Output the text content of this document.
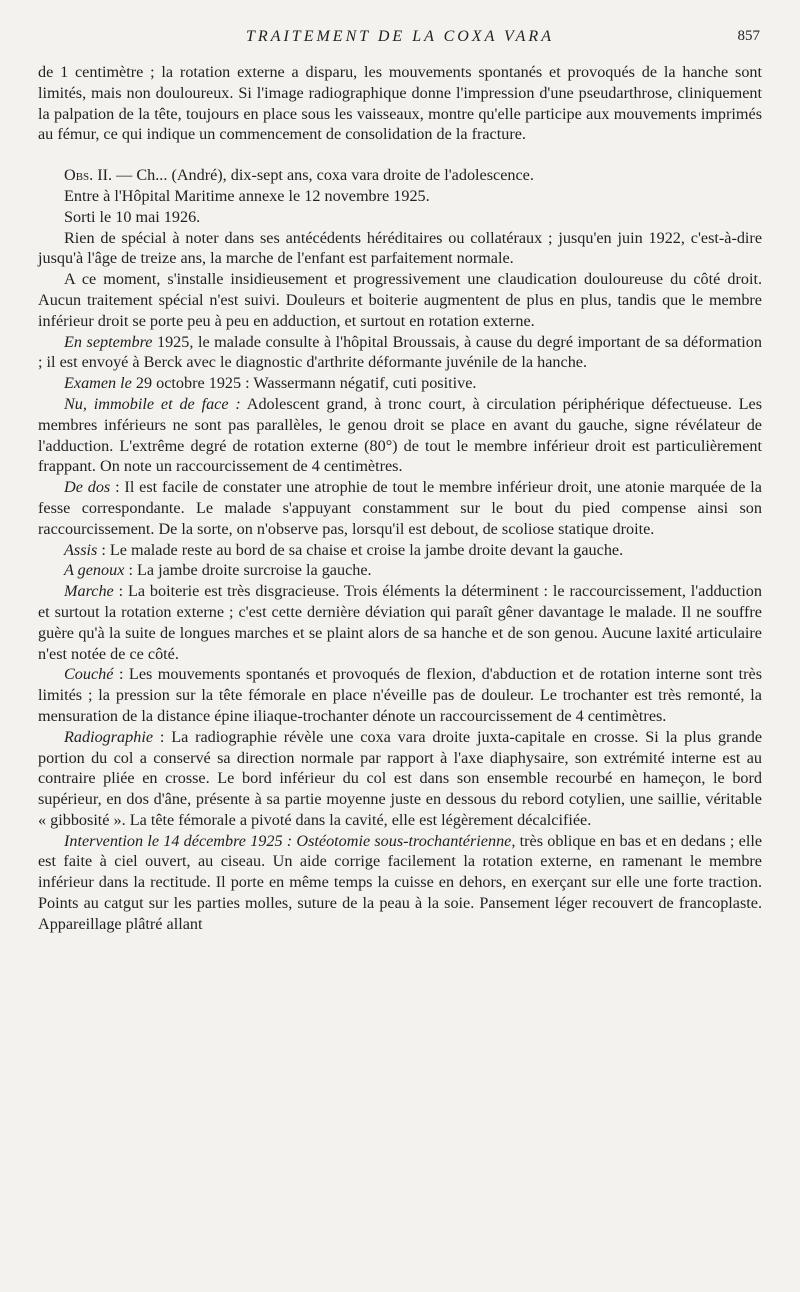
TRAITEMENT DE LA COXA VARA	857

de 1 centimètre ; la rotation externe a disparu, les mouvements spontanés et provoqués de la hanche sont limités, mais non douloureux. Si l'image radiographique donne l'impression d'une pseudarthrose, cliniquement la palpation de la tête, toujours en place sous les vaisseaux, montre qu'elle participe aux mouvements imprimés au fémur, ce qui indique un commencement de consolidation de la fracture.

Obs. II. — Ch... (André), dix-sept ans, coxa vara droite de l'adolescence.

Entre à l'Hôpital Maritime annexe le 12 novembre 1925.

Sorti le 10 mai 1926.

Rien de spécial à noter dans ses antécédents héréditaires ou collatéraux ; jusqu'en juin 1922, c'est-à-dire jusqu'à l'âge de treize ans, la marche de l'enfant est parfaitement normale.

A ce moment, s'installe insidieusement et progressivement une claudication douloureuse du côté droit. Aucun traitement spécial n'est suivi. Douleurs et boiterie augmentent de plus en plus, tandis que le membre inférieur droit se porte peu à peu en adduction, et surtout en rotation externe.

En septembre 1925, le malade consulte à l'hôpital Broussais, à cause du degré important de sa déformation ; il est envoyé à Berck avec le diagnostic d'arthrite déformante juvénile de la hanche.

Examen le 29 octobre 1925 : Wassermann négatif, cuti positive.

Nu, immobile et de face : Adolescent grand, à tronc court, à circulation périphérique défectueuse. Les membres inférieurs ne sont pas parallèles, le genou droit se place en avant du gauche, signe révélateur de l'adduction. L'extrême degré de rotation externe (80°) de tout le membre inférieur droit est particulièrement frappant. On note un raccourcissement de 4 centimètres.

De dos : Il est facile de constater une atrophie de tout le membre inférieur droit, une atonie marquée de la fesse correspondante. Le malade s'appuyant constamment sur le bout du pied compense ainsi son raccourcissement. De la sorte, on n'observe pas, lorsqu'il est debout, de scoliose statique droite.

Assis : Le malade reste au bord de sa chaise et croise la jambe droite devant la gauche.

A genoux : La jambe droite surcroise la gauche.

Marche : La boiterie est très disgracieuse. Trois éléments la déterminent : le raccourcissement, l'adduction et surtout la rotation externe ; c'est cette dernière déviation qui paraît gêner davantage le malade. Il ne souffre guère qu'à la suite de longues marches et se plaint alors de sa hanche et de son genou. Aucune laxité articulaire n'est notée de ce côté.

Couché : Les mouvements spontanés et provoqués de flexion, d'abduction et de rotation interne sont très limités ; la pression sur la tête fémorale en place n'éveille pas de douleur. Le trochanter est très remonté, la mensuration de la distance épine iliaque-trochanter dénote un raccourcissement de 4 centimètres.

Radiographie : La radiographie révèle une coxa vara droite juxta-capitale en crosse. Si la plus grande portion du col a conservé sa direction normale par rapport à l'axe diaphysaire, son extrémité interne est au contraire pliée en crosse. Le bord inférieur du col est dans son ensemble recourbé en hameçon, le bord supérieur, en dos d'âne, présente à sa partie moyenne juste en dessous du rebord cotylien, une saillie, véritable « gibbosité ». La tête fémorale a pivoté dans la cavité, elle est légèrement décalcifiée.

Intervention le 14 décembre 1925 : Ostéotomie sous-trochantérienne, très oblique en bas et en dedans ; elle est faite à ciel ouvert, au ciseau. Un aide corrige facilement la rotation externe, en ramenant le membre inférieur dans la rectitude. Il porte en même temps la cuisse en dehors, en exerçant sur elle une forte traction. Points au catgut sur les parties molles, suture de la peau à la soie. Pansement léger recouvert de francoplaste. Appareillage plâtré allant
